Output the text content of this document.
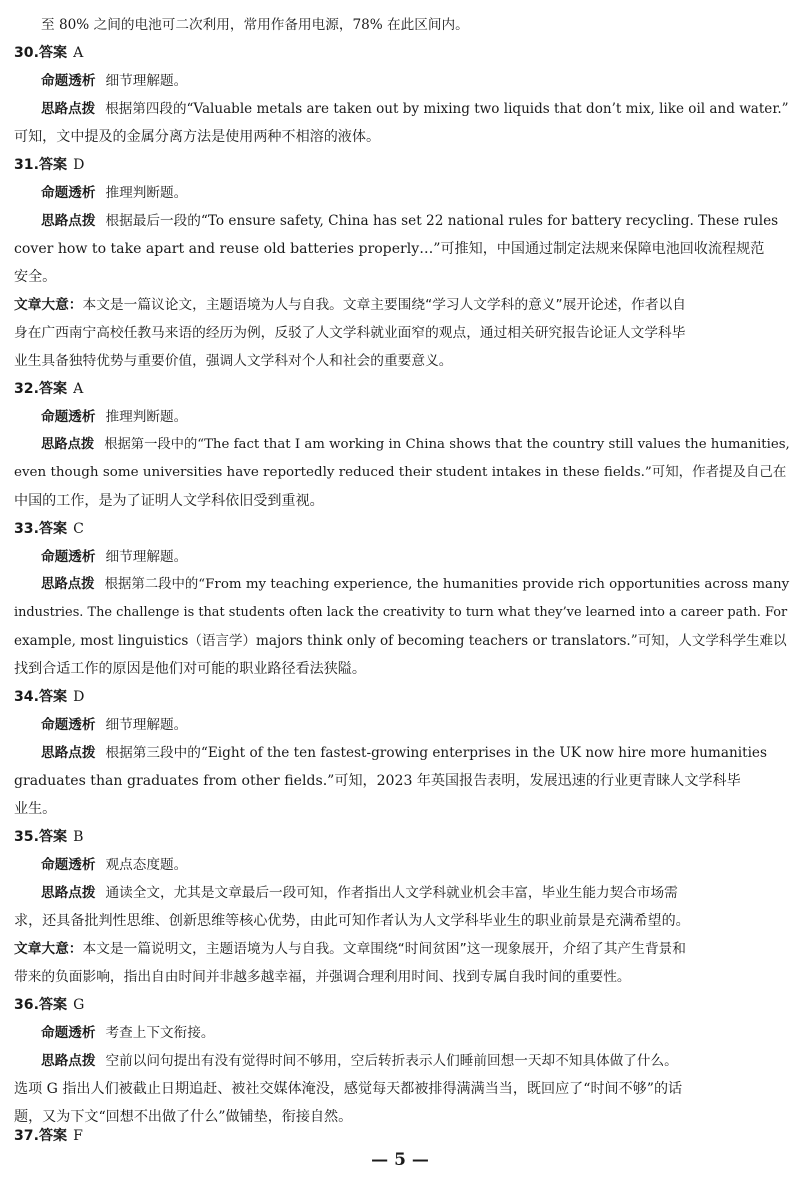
至 80% 之间的电池可二次利用，常用作备用电源，78% 在此区间内。
30.答案 A
命题透析 细节理解题。
思路点拨 根据第四段的“Valuable metals are taken out by mixing two liquids that don’t mix, like oil and water.”
可知，文中提及的金属分离方法是使用两种不相溶的液体。
31.答案 D
命题透析 推理判断题。
思路点拨 根据最后一段的“To ensure safety, China has set 22 national rules for battery recycling. These rules
cover how to take apart and reuse old batteries properly…”可推知，中国通过制定法规来保障电池回收流程规范
安全。
文章大意：本文是一篇议论文，主题语境为人与自我。文章主要围绕“学习人文学科的意义”展开论述，作者以自
身在广西南宁高校任教马来语的经历为例，反驳了人文学科就业面窄的观点，通过相关研究报告论证人文学科毕
业生具备独特优势与重要价值，强调人文学科对个人和社会的重要意义。
32.答案 A
命题透析 推理判断题。
思路点拨 根据第一段中的“The fact that I am working in China shows that the country still values the humanities,
even though some universities have reportedly reduced their student intakes in these fields.”可知，作者提及自己在
中国的工作，是为了证明人文学科依旧受到重视。
33.答案 C
命题透析 细节理解题。
思路点拨 根据第二段中的“From my teaching experience, the humanities provide rich opportunities across many
industries. The challenge is that students often lack the creativity to turn what they’ve learned into a career path. For
example, most linguistics（语言学）majors think only of becoming teachers or translators.”可知，人文学科学生难以
找到合适工作的原因是他们对可能的职业路径看法狭隘。
34.答案 D
命题透析 细节理解题。
思路点拨 根据第三段中的“Eight of the ten fastest-growing enterprises in the UK now hire more humanities
graduates than graduates from other fields.”可知，2023 年英国报告表明，发展迅速的行业更青睐人文学科毕
业生。
35.答案 B
命题透析 观点态度题。
思路点拨 通读全文，尤其是文章最后一段可知，作者指出人文学科就业机会丰富，毕业生能力契合市场需
求，还具备批判性思维、创新思维等核心优势，由此可知作者认为人文学科毕业生的职业前景是充满希望的。
文章大意：本文是一篇说明文，主题语境为人与自我。文章围绕“时间贫困”这一现象展开，介绍了其产生背景和
带来的负面影响，指出自由时间并非越多越幸福，并强调合理利用时间、找到专属自我时间的重要性。
36.答案 G
命题透析 考查上下文衔接。
思路点拨 空前以问句提出有没有觉得时间不够用，空后转折表示人们睡前回想一天却不知具体做了什么。
选项 G 指出人们被截止日期追赶、被社交媒体淹没，感觉每天都被排得满满当当，既回应了“时间不够”的话
题，又为下文“回想不出做了什么”做铺垫，衔接自然。
37.答案 F
— 5 —
